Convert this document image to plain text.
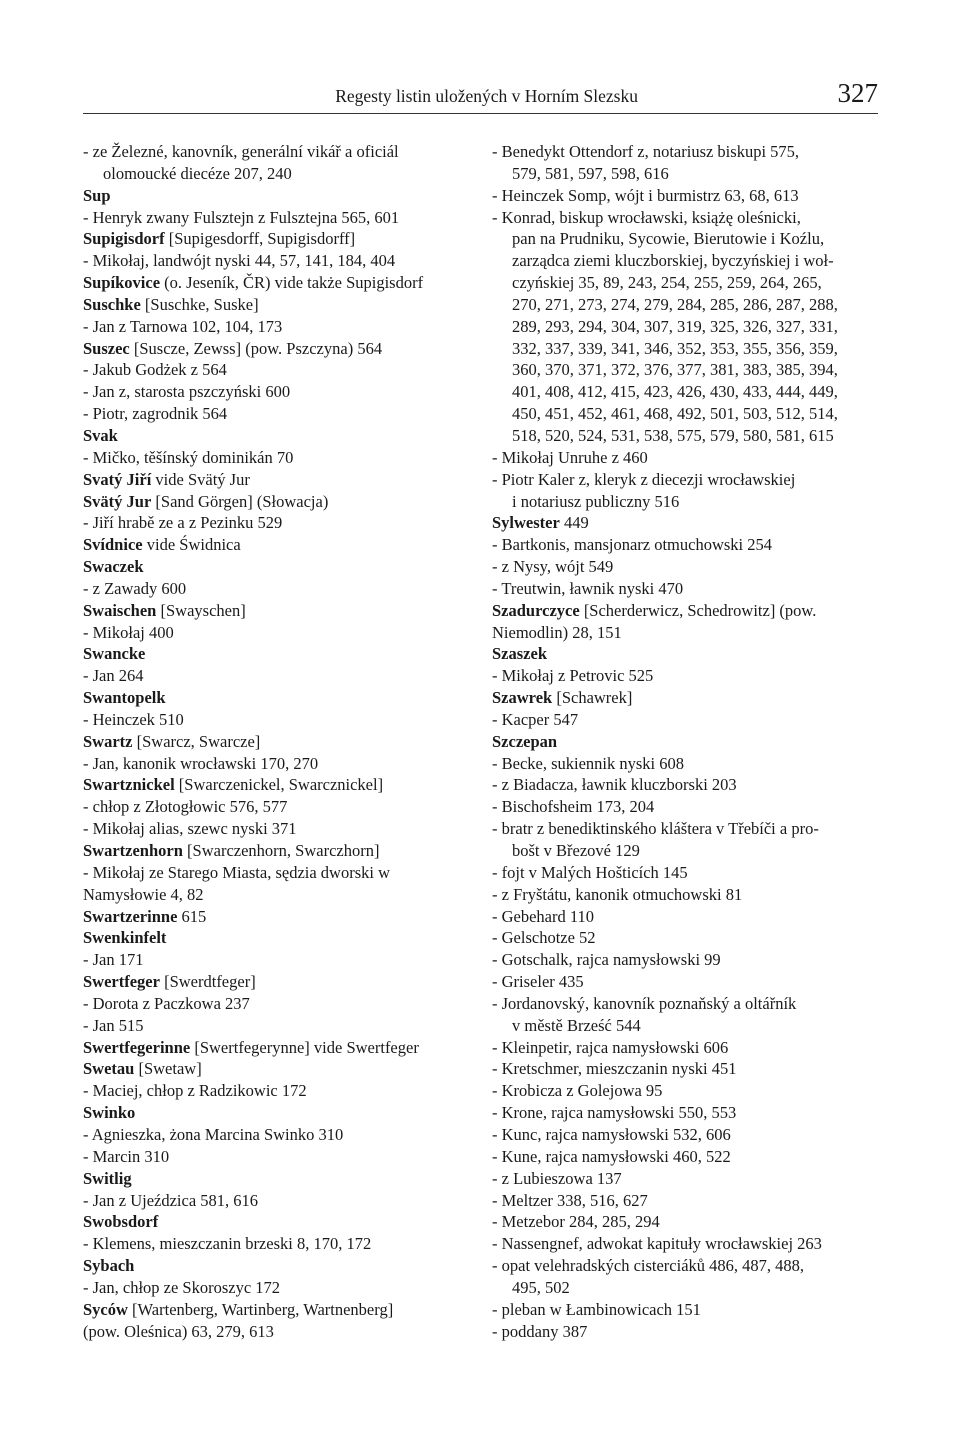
Regesty listin uložených v Horním Slezsku	327
- ze Železné, kanovník, generální vikář a oficiál
olomoucké diecéze 207, 240
Sup
- Henryk zwany Fulsztejn z Fulsztejna 565, 601
Supigisdorf [Supigesdorff, Supigisdorff]
- Mikołaj, landwójt nyski 44, 57, 141, 184, 404
Supíkovice (o. Jeseník, ČR) vide także Supigisdorf
Suschke [Suschke, Suske]
- Jan z Tarnowa 102, 104, 173
Suszec [Suscze, Zewss] (pow. Pszczyna) 564
- Jakub Godżek z 564
- Jan z, starosta pszczyński 600
- Piotr, zagrodnik 564
Svak
- Mičko, těšínský dominikán 70
Svatý Jiří vide Svätý Jur
Svätý Jur [Sand Görgen] (Słowacja)
- Jiří hrabě ze a z Pezinku 529
Svídnice vide Świdnica
Swaczek
- z Zawady 600
Swaischen [Swayschen]
- Mikołaj 400
Swancke
- Jan 264
Swantopelk
- Heinczek 510
Swartz [Swarcz, Swarcze]
- Jan, kanonik wrocławski 170, 270
Swartznickel [Swarczenickel, Swarcznickel]
- chłop z Złotogłowic 576, 577
- Mikołaj alias, szewc nyski 371
Swartzenhorn [Swarczenhorn, Swarczhorn]
- Mikołaj ze Starego Miasta, sędzia dworski w
Namysłowie 4, 82
Swartzerinne 615
Swenkinfelt
- Jan 171
Swertfeger [Swerdtfeger]
- Dorota z Paczkowa 237
- Jan 515
Swertfegerinne [Swertfegerynne] vide Swertfeger
Swetau [Swetaw]
- Maciej, chłop z Radzikowic 172
Swinko
- Agnieszka, żona Marcina Swinko 310
- Marcin 310
Switlig
- Jan z Ujeździca 581, 616
Swobsdorf
- Klemens, mieszczanin brzeski 8, 170, 172
Sybach
- Jan, chłop ze Skoroszyc 172
Syców [Wartenberg, Wartinberg, Wartnenberg]
(pow. Oleśnica) 63, 279, 613
- Benedykt Ottendorf z, notariusz biskupi 575,
579, 581, 597, 598, 616
- Heinczek Somp, wójt i burmistrz 63, 68, 613
- Konrad, biskup wrocławski, książę oleśnicki,
pan na Prudniku, Sycowie, Bierutowie i Koźlu,
zarządca ziemi kluczborskiej, byczyńskiej i woł-
czyńskiej 35, 89, 243, 254, 255, 259, 264, 265,
270, 271, 273, 274, 279, 284, 285, 286, 287, 288,
289, 293, 294, 304, 307, 319, 325, 326, 327, 331,
332, 337, 339, 341, 346, 352, 353, 355, 356, 359,
360, 370, 371, 372, 376, 377, 381, 383, 385, 394,
401, 408, 412, 415, 423, 426, 430, 433, 444, 449,
450, 451, 452, 461, 468, 492, 501, 503, 512, 514,
518, 520, 524, 531, 538, 575, 579, 580, 581, 615
- Mikołaj Unruhe z 460
- Piotr Kaler z, kleryk z diecezji wrocławskiej
i notariusz publiczny 516
Sylwester 449
- Bartkonis, mansjonarz otmuchowski 254
- z Nysy, wójt 549
- Treutwin, ławnik nyski 470
Szadurczyce [Scherderwicz, Schedrowitz] (pow.
Niemodlin) 28, 151
Szaszek
- Mikołaj z Petrovic 525
Szawrek [Schawrek]
- Kacper 547
Szczepan
- Becke, sukiennik nyski 608
- z Biadacza, ławnik kluczborski 203
- Bischofsheim 173, 204
- bratr z benediktinského kláštera v Třebíči a pro-
bošt v Březové 129
- fojt v Malých Hošticích 145
- z Fryštátu, kanonik otmuchowski 81
- Gebehard 110
- Gelschotze 52
- Gotschalk, rajca namysłowski 99
- Griseler 435
- Jordanovský, kanovník poznaňský a oltářník
v městě Brześć 544
- Kleinpetir, rajca namysłowski 606
- Kretschmer, mieszczanin nyski 451
- Krobicza z Golejowa 95
- Krone, rajca namysłowski 550, 553
- Kunc, rajca namysłowski 532, 606
- Kune, rajca namysłowski 460, 522
- z Lubieszowa 137
- Meltzer 338, 516, 627
- Metzebor 284, 285, 294
- Nassengnef, adwokat kapituły wrocławskiej 263
- opat velehradských cisterciáků 486, 487, 488,
495, 502
- pleban w Łambinowicach 151
- poddany 387
